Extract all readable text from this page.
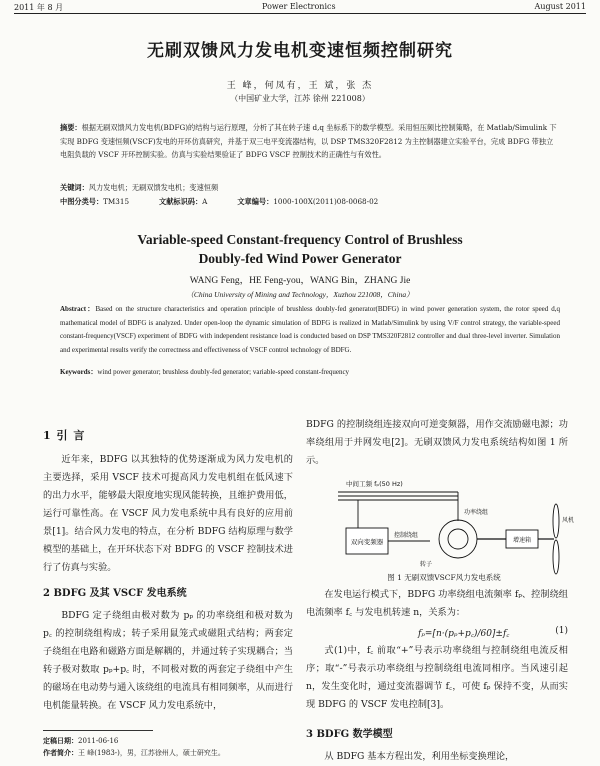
2011 年 8 月	Power Electronics	August 2011
无刷双馈风力发电机变速恒频控制研究
王 峰，何凤有，王 斌，张 杰
（中国矿业大学，江苏 徐州 221008）
摘要：根据无刷双馈风力发电机(BDFG)的结构与运行原理，分析了其在转子速 d,q 坐标系下的数学模型。采用恒压频比控制策略，在 Matlab/Simulink 下实现 BDFG 变速恒频(VSCF)发电的开环仿真研究，并基于双三电平变流器结构，以 DSP TMS320F2812 为主控制器建立实验平台，完成 BDFG 带独立电阻负载的 VSCF 开环控制实验。仿真与实验结果验证了 BDFG VSCF 控制技术的正确性与有效性。
关键词：风力发电机；无刷双馈发电机；变速恒频
中图分类号：TM315	文献标识码：A	文章编号：1000-100X(2011)08-0068-02
Variable-speed Constant-frequency Control of Brushless
Doubly-fed Wind Power Generator
WANG Feng，HE Feng-you，WANG Bin，ZHANG Jie
（China University of Mining and Technology，Xuzhou 221008，China）
Abstract：Based on the structure characteristics and operation principle of brushless doubly-fed generator(BDFG) in wind power generation system, the rotor speed d,q mathematical model of BDFG is analyzed. Under open-loop the dynamic simulation of BDFG is realized in Matlab/Simulink by using V/F control strategy, the variable-speed constant-frequency(VSCF) experiment of BDFG with independent resistance load is conducted based on DSP TMS320F2812 controller and dual three-level inverter. Simulation and experimental results verify the correctness and effectiveness of VSCF control technology of BDFG.
Keywords：wind power generator; brushless doubly-fed generator; variable-speed constant-frequency
1 引 言

近年来，BDFG 以其独特的优势逐渐成为风力发电机的主要选择，采用 VSCF 技术可提高风力发电机组在低风速下的出力水平，能够最大限度地实现风能转换，且维护费用低，运行可靠性高。在 VSCF 风力发电系统中具有良好的应用前景[1]。结合风力发电的特点，在分析 BDFG 结构原理与数学模型的基础上，在开环状态下对 BDFG 的 VSCF 控制技术进行了仿真与实验。

2 BDFG 及其 VSCF 发电系统

BDFG 定子绕组由极对数为 pₚ 的功率绕组和极对数为 p꜀ 的控制绕组构成；转子采用鼠笼式或磁阻式结构；两套定子绕组在电路和磁路方面是解耦的，并通过转子实现耦合；当转子极对数取 pₚ+p꜀ 时，不同极对数的两套定子绕组中产生的磁场在电动势与通入该绕组的电流具有相同频率，从而进行电机能量转换。在 VSCF 风力发电系统中，

定稿日期：2011-06-16
作者简介：王 峰(1983-)，男，江苏徐州人，硕士研究生。

BDFG 的控制绕组连接双向可逆变频器，用作交流励磁电源；功率绕组用于并网发电[2]。无刷双馈风力发电系统结构如图 1 所示。

中间工频 fₚ(50 Hz)
双向变频器
控制绕组
功率绕组
转子
增速箱
风机
图 1 无刷双馈VSCF风力发电系统

在发电运行模式下，BDFG 功率绕组电流频率 fₚ、控制绕组电流频率 f꜀ 与发电机转速 n，关系为：

fₚ=[n·(pₚ+p꜀)/60]±f꜀	(1)

式(1)中，f꜀ 前取“+”号表示功率绕组与控制绕组电流反相序；取“-”号表示功率绕组与控制绕组电流同相序。当风速引起 n，发生变化时，通过变流器调节 f꜀，可使 fₚ 保持不变，从而实现 BDFG 的 VSCF 发电控制[3]。

3 BDFG 数学模型

从 BDFG 基本方程出发，利用坐标变换理论，
